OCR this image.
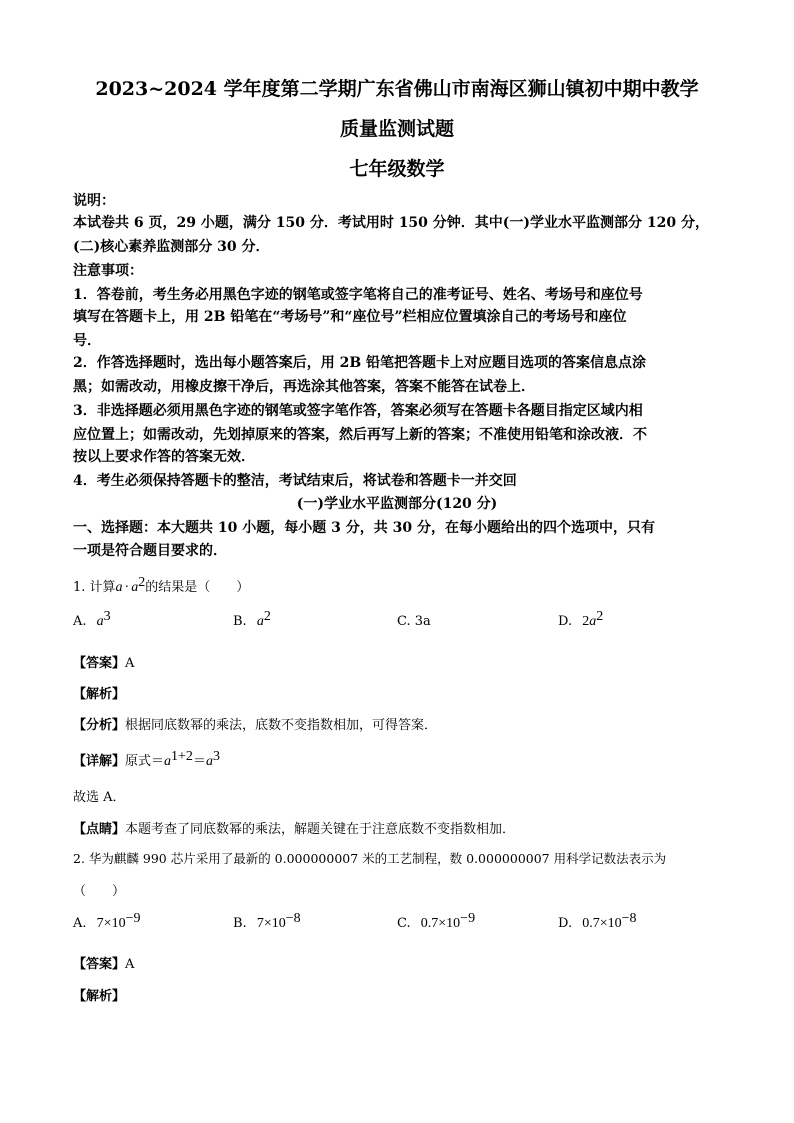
2023~2024 学年度第二学期广东省佛山市南海区狮山镇初中期中教学
质量监测试题
七年级数学
说明：
本试卷共 6 页，29 小题，满分 150 分．考试用时 150 分钟．其中(一)学业水平监测部分 120 分，
(二)核心素养监测部分 30 分．
注意事项：
1．答卷前，考生务必用黑色字迹的钢笔或签字笔将自己的准考证号、姓名、考场号和座位号
填写在答题卡上，用 2B 铅笔在“考场号”和“座位号”栏相应位置填涂自己的考场号和座位
号．
2．作答选择题时，选出每小题答案后，用 2B 铅笔把答题卡上对应题目选项的答案信息点涂
黑；如需改动，用橡皮擦干净后，再选涂其他答案，答案不能答在试卷上．
3．非选择题必须用黑色字迹的钢笔或签字笔作答，答案必须写在答题卡各题目指定区域内相
应位置上；如需改动，先划掉原来的答案，然后再写上新的答案；不准使用铅笔和涂改液．不
按以上要求作答的答案无效．
4．考生必须保持答题卡的整洁，考试结束后，将试卷和答题卡一并交回
(一)学业水平监测部分(120 分)
一、选择题：本大题共 10 小题，每小题 3 分，共 30 分，在每小题给出的四个选项中，只有
一项是符合题目要求的．
1. 计算$a \cdot a^2$的结果是（　　）
A. $a^3$	B. $a^2$	C. 3a	D. $2a^2$
【答案】A
【解析】
【分析】根据同底数幂的乘法，底数不变指数相加，可得答案．
【详解】原式$=a^{1+2}=a^3$
故选 A．
【点睛】本题考查了同底数幂的乘法，解题关键在于注意底数不变指数相加．
2. 华为麒麟 990 芯片采用了最新的 0.000000007 米的工艺制程，数 0.000000007 用科学记数法表示为
（　　）
A. $7\times 10^{-9}$	B. $7\times 10^{-8}$	C. $0.7\times 10^{-9}$	D. $0.7\times 10^{-8}$
【答案】A
【解析】
